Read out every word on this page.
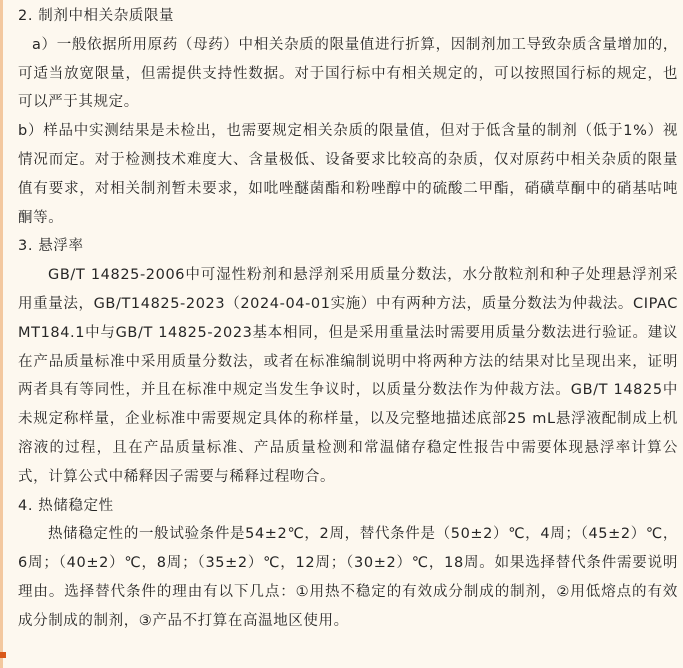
2. 制剂中相关杂质限量

a）一般依据所用原药（母药）中相关杂质的限量值进行折算，因制剂加工导致杂质含量增加的，可适当放宽限量，但需提供支持性数据。对于国行标中有相关规定的，可以按照国行标的规定，也可以严于其规定。

b）样品中实测结果是未检出，也需要规定相关杂质的限量值，但对于低含量的制剂（低于1%）视情况而定。对于检测技术难度大、含量极低、设备要求比较高的杂质，仅对原药中相关杂质的限量值有要求，对相关制剂暂未要求，如吡唑醚菌酯和粉唑醇中的硫酸二甲酯，硝磺草酮中的硝基咕吨酮等。

3. 悬浮率

GB/T 14825-2006中可湿性粉剂和悬浮剂采用质量分数法，水分散粒剂和种子处理悬浮剂采用重量法，GB/T14825-2023（2024-04-01实施）中有两种方法，质量分数法为仲裁法。CIPAC MT184.1中与GB/T 14825-2023基本相同，但是采用重量法时需要用质量分数法进行验证。建议在产品质量标准中采用质量分数法，或者在标准编制说明中将两种方法的结果对比呈现出来，证明两者具有等同性，并且在标准中规定当发生争议时，以质量分数法作为仲裁方法。GB/T 14825中未规定称样量，企业标准中需要规定具体的称样量，以及完整地描述底部25 mL悬浮液配制成上机溶液的过程，且在产品质量标准、产品质量检测和常温储存稳定性报告中需要体现悬浮率计算公式，计算公式中稀释因子需要与稀释过程吻合。

4. 热储稳定性

热储稳定性的一般试验条件是54±2℃，2周，替代条件是（50±2）℃，4周；（45±2）℃，6周；（40±2）℃，8周；（35±2）℃，12周；（30±2）℃，18周。如果选择替代条件需要说明理由。选择替代条件的理由有以下几点：①用热不稳定的有效成分制成的制剂，②用低熔点的有效成分制成的制剂，③产品不打算在高温地区使用。
